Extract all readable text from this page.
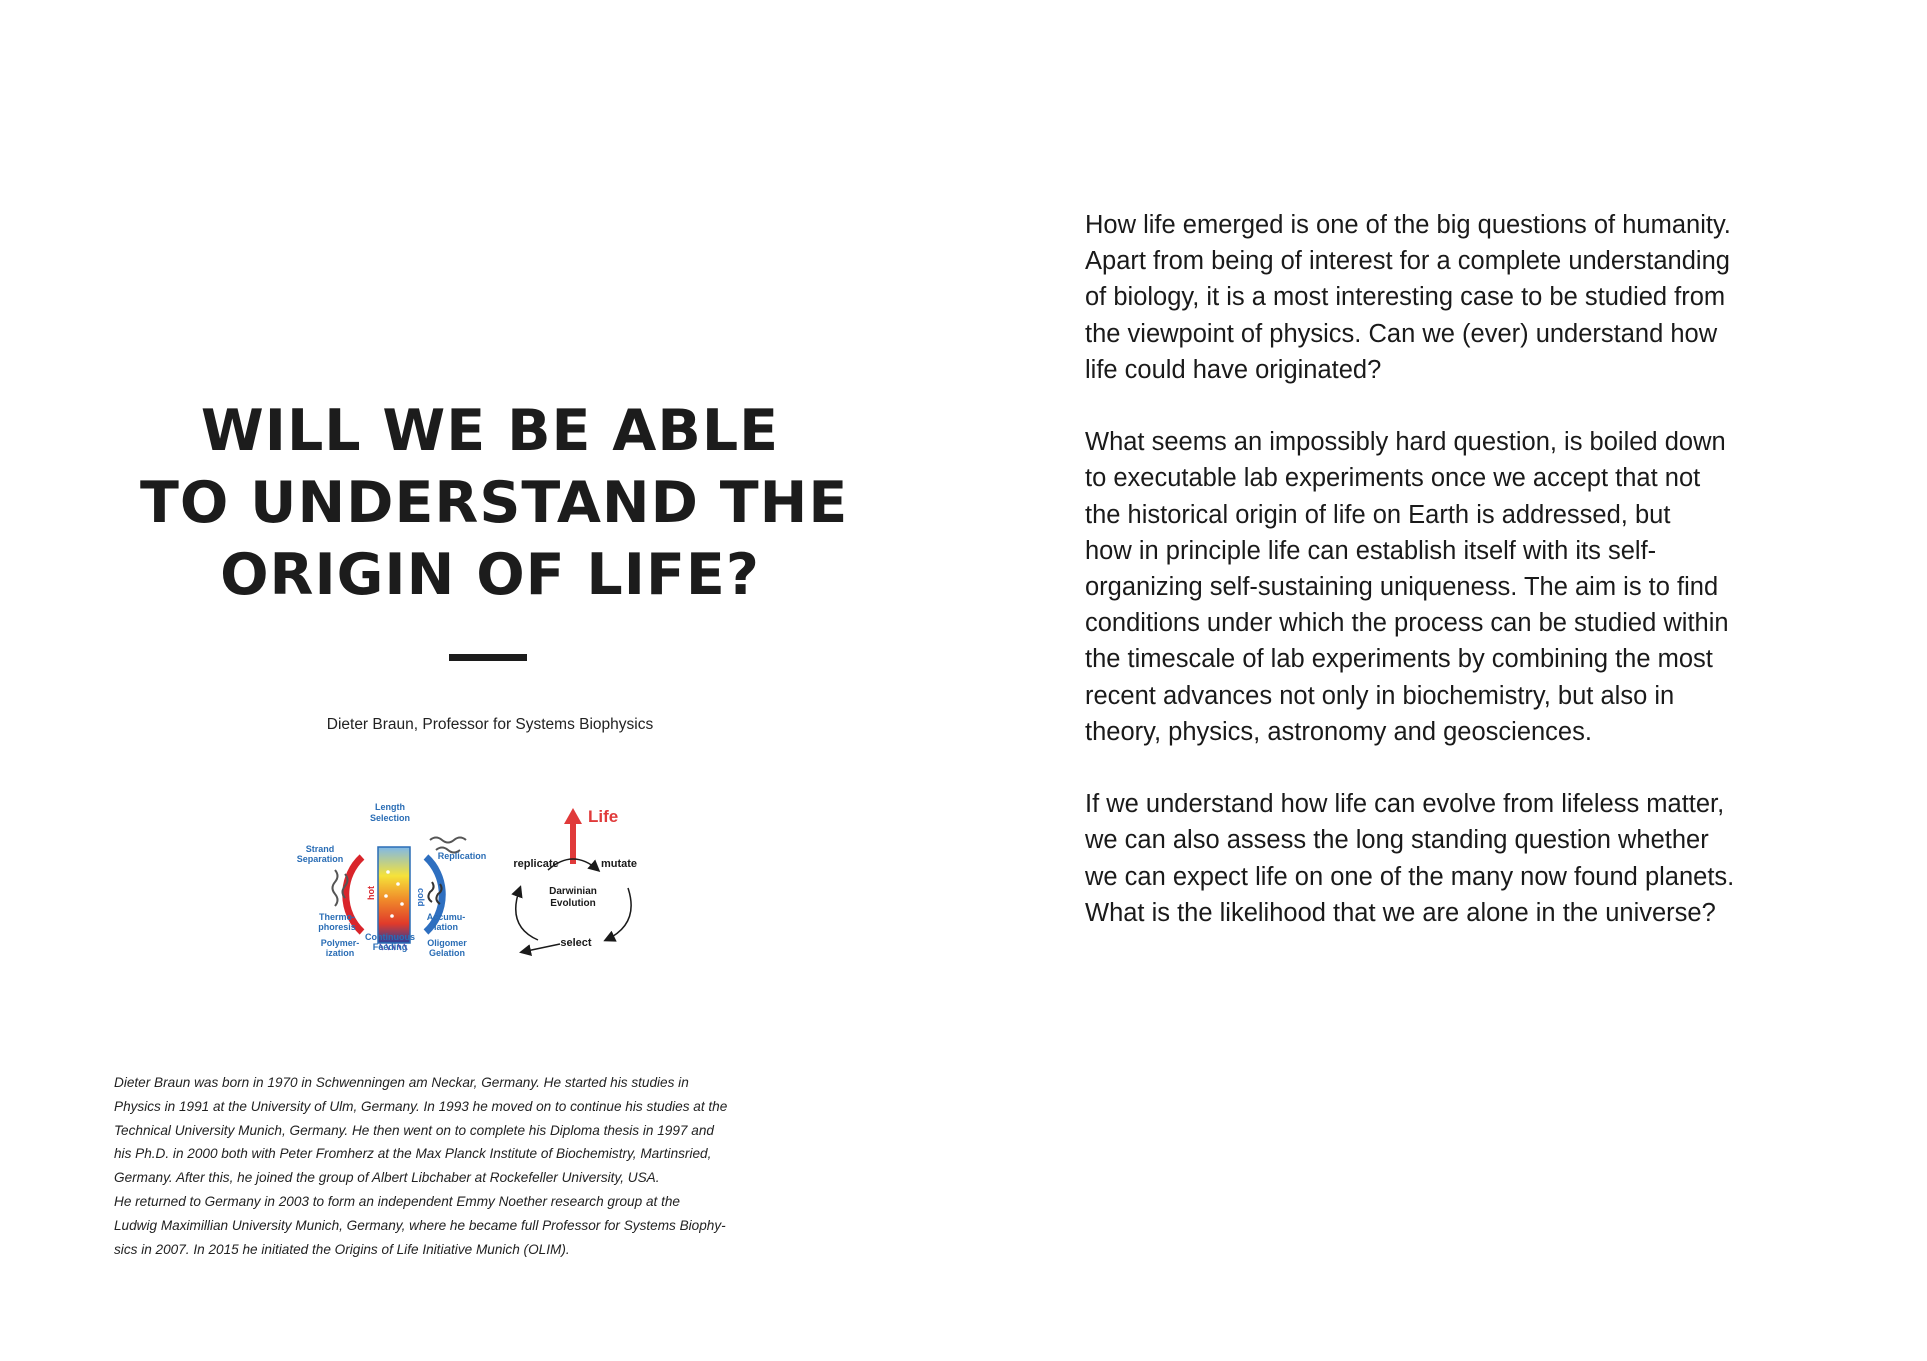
WILL WE BE ABLE
TO UNDERSTAND THE
ORIGIN OF LIFE?
Dieter Braun, Professor for Systems Biophysics
hot	cold
Length
Selection
Strand
Separation	Replication
Thermo-
phoresis
Continuous
Feeding
Accumu-
lation
Polymer-
ization
Oligomer
Gelation
Life
replicate	mutate
Darwinian
Evolution
select
Dieter Braun was born in 1970 in Schwenningen am Neckar, Germany. He started his studies in
Physics in 1991 at the University of Ulm, Germany. In 1993 he moved on to continue his studies at the
Technical University Munich, Germany. He then went on to complete his Diploma thesis in 1997 and
his Ph.D. in 2000 both with Peter Fromherz at the Max Planck Institute of Biochemistry, Martinsried,
Germany. After this, he joined the group of Albert Libchaber at Rockefeller University, USA.
He returned to Germany in 2003 to form an independent Emmy Noether research group at the
Ludwig Maximillian University Munich, Germany, where he became full Professor for Systems Biophy-
sics in 2007. In 2015 he initiated the Origins of Life Initiative Munich (OLIM).

How life emerged is one of the big questions of humanity.
Apart from being of interest for a complete understanding
of biology, it is a most interesting case to be studied from
the viewpoint of physics. Can we (ever) understand how
life could have originated?

What seems an impossibly hard question, is boiled down
to executable lab experiments once we accept that not
the historical origin of life on Earth is addressed, but
how in principle life can establish itself with its self-
organizing self-sustaining uniqueness. The aim is to find
conditions under which the process can be studied within
the timescale of lab experiments by combining the most
recent advances not only in biochemistry, but also in
theory, physics, astronomy and geosciences.

If we understand how life can evolve from lifeless matter,
we can also assess the long standing question whether
we can expect life on one of the many now found planets.
What is the likelihood that we are alone in the universe?
